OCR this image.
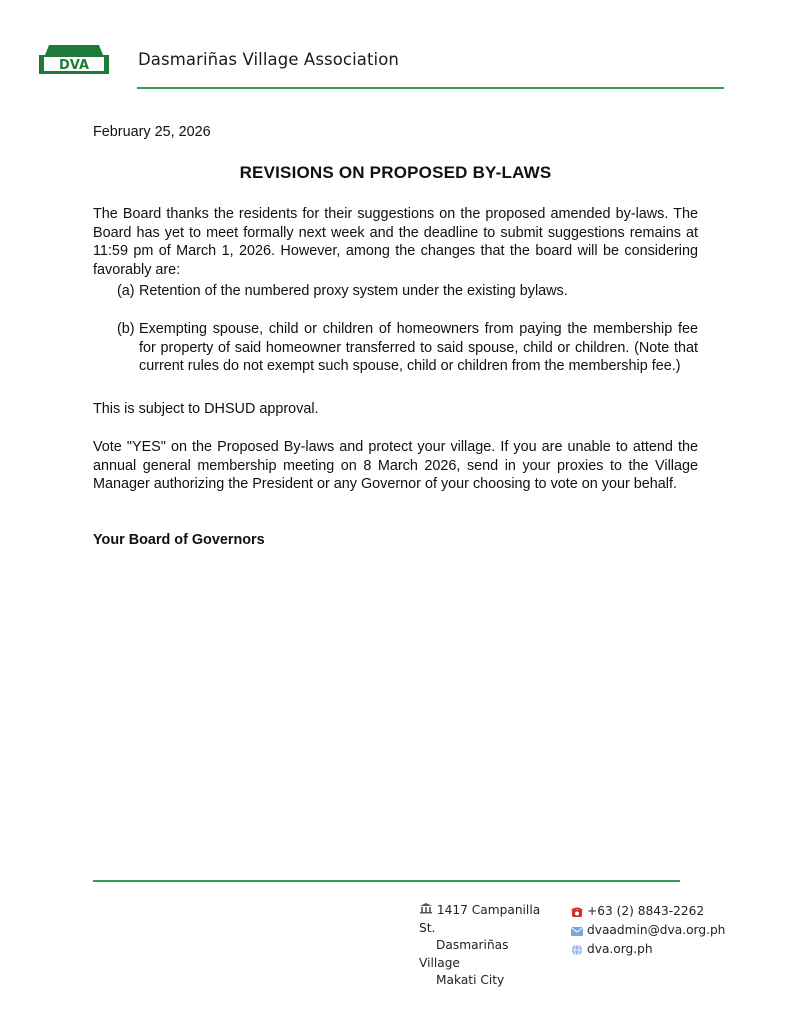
DVA	Dasmariñas Village Association
February 25, 2026
REVISIONS ON PROPOSED BY-LAWS

The Board thanks the residents for their suggestions on the proposed amended by-laws. The Board has yet to meet formally next week and the deadline to submit suggestions remains at 11:59 pm of March 1, 2026. However, among the changes that the board will be considering favorably are:

(a) Retention of the numbered proxy system under the existing bylaws.
(b) Exempting spouse, child or children of homeowners from paying the membership fee for property of said homeowner transferred to said spouse, child or children. (Note that current rules do not exempt such spouse, child or children from the membership fee.)

This is subject to DHSUD approval.

Vote "YES" on the Proposed By-laws and protect your village. If you are unable to attend the annual general membership meeting on 8 March 2026, send in your proxies to the Village Manager authorizing the President or any Governor of your choosing to vote on your behalf.

Your Board of Governors
1417 Campanilla
St.
Dasmariñas
Village
Makati City
+63 (2) 8843-2262
dvaadmin@dva.org.ph
dva.org.ph
